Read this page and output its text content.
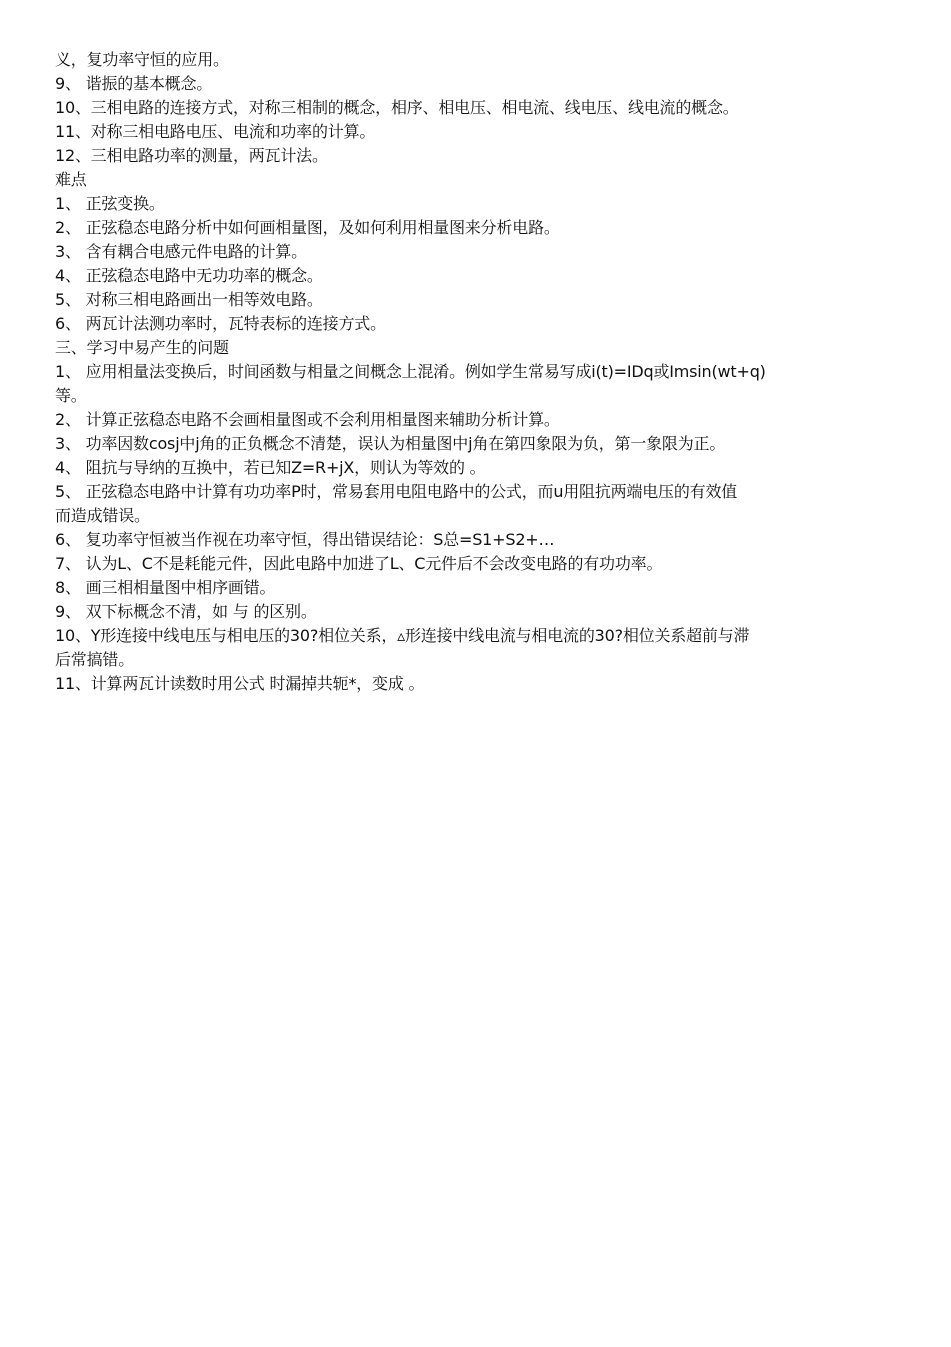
义，复功率守恒的应用。
9、 谐振的基本概念。
10、三相电路的连接方式，对称三相制的概念，相序、相电压、相电流、线电压、线电流的概念。
11、对称三相电路电压、电流和功率的计算。
12、三相电路功率的测量，两瓦计法。
难点
1、 正弦变换。
2、 正弦稳态电路分析中如何画相量图，及如何利用相量图来分析电路。
3、 含有耦合电感元件电路的计算。
4、 正弦稳态电路中无功功率的概念。
5、 对称三相电路画出一相等效电路。
6、 两瓦计法测功率时，瓦特表标的连接方式。
三、学习中易产生的问题
1、 应用相量法变换后，时间函数与相量之间概念上混淆。例如学生常易写成i(t)=IDq或Imsin(wt+q)
等。
2、 计算正弦稳态电路不会画相量图或不会利用相量图来辅助分析计算。
3、 功率因数cosj中j角的正负概念不清楚，误认为相量图中j角在第四象限为负，第一象限为正。
4、 阻抗与导纳的互换中，若已知Z=R+jX，则认为等效的 。
5、 正弦稳态电路中计算有功功率P时，常易套用电阻电路中的公式，而u用阻抗两端电压的有效值
而造成错误。
6、 复功率守恒被当作视在功率守恒，得出错误结论：S总=S1+S2+…
7、 认为L、C不是耗能元件，因此电路中加进了L、C元件后不会改变电路的有功功率。
8、 画三相相量图中相序画错。
9、 双下标概念不清，如 与 的区别。
10、Y形连接中线电压与相电压的30?相位关系，▵形连接中线电流与相电流的30?相位关系超前与滞
后常搞错。
11、计算两瓦计读数时用公式 时漏掉共轭*，变成 。
